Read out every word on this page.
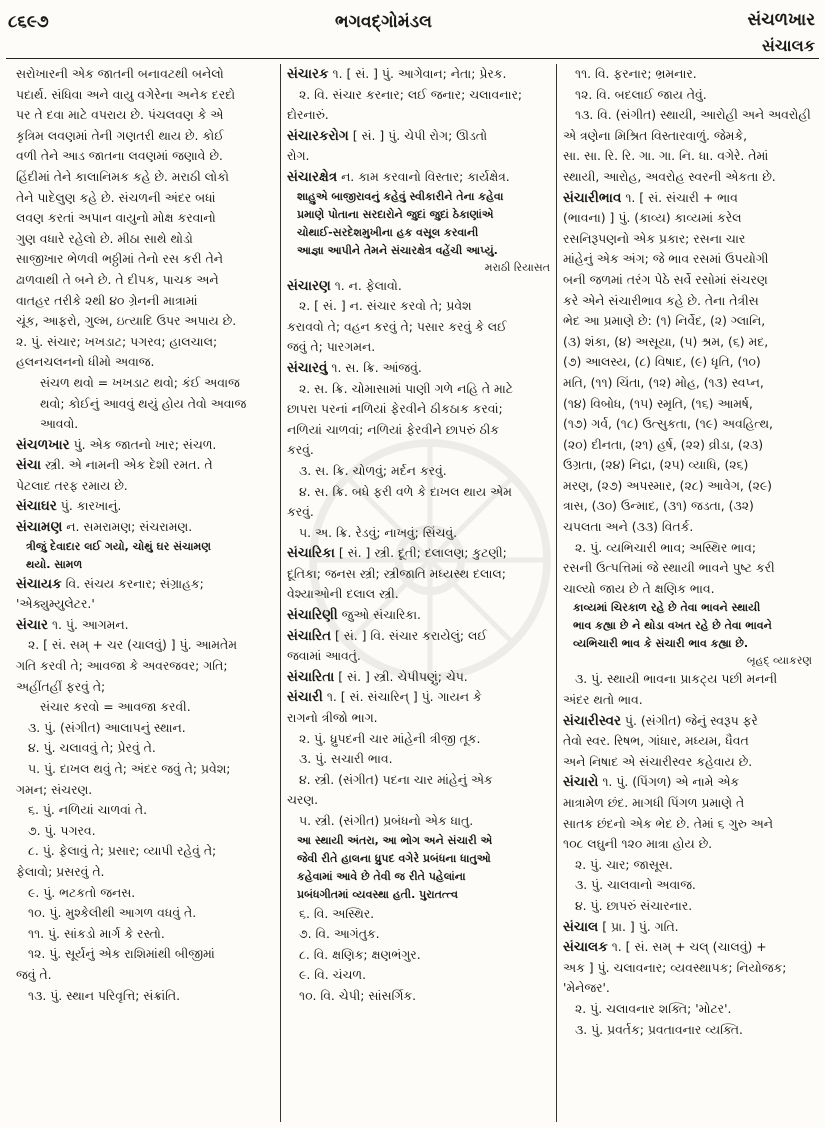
૮૬૯૭	ભગવદ્ગોમંડલ	સંચળખાર
સંચાલક
સરોખારની એક જાતની બનાવટથી બનેલો
પદાર્થ. સંધિવા અને વાયુ વગેરેના અનેક દરદો
પર તે દવા માટે વપરાય છે. પંચલવણ કે એ
કૃત્રિમ લવણમાં તેની ગણતરી થાય છે. કોઈ
વળી તેને આડ જાતના લવણમાં જણાવે છે.
હિંદીમાં તેને કાલાનિમક કહે છે. મરાઠી લોકો
તેને પાદેલુણ કહે છે. સંચળની અંદર બધાં
લવણ કરતાં અપાન વાયુનો મોક્ષ કરવાનો
ગુણ વધારે રહેલો છે. મીઠા સાથે થોડો
સાજીખાર ભેળવી ભઠ્ઠીમાં તેનો રસ કરી તેને
ઢાળવાથી તે બને છે. તે દીપક, પાચક અને
વાતહર તરીકે ૨થી ૪૦ ગ્રેનની માત્રામાં
ચૂંક, આફરો, ગુલ્મ, ઇત્યાદિ ઉપર અપાય છે.
૨. પું. સંચાર; ખખડાટ; પગરવ; હાલચાલ;
હલનચલનનો ધીમો અવાજ.
સંચળ થવો = ખખડાટ થવો; કંઈ અવાજ
થવો; કોઈનું આવવું થયું હોય તેવો અવાજ
આવવો.
સંચળખાર પું. એક જાતનો ખાર; સંચળ.
સંચા સ્ત્રી. એ નામની એક દેશી રમત. તે
પેટલાદ તરફ રમાય છે.
સંચાઘર પું. કારખાનું.
સંચામણ ન. સમરામણ; સંચરામણ.
ત્રીજું દેવાદાર લઈ ગયો, ચોથું ઘર સંચામણ
થયો. સામળ
સંચાયક વિ. સંચય કરનાર; સંગ્રાહક;
'એક્યુમ્યુલેટર.'
સંચાર ૧. પું. આગમન.
૨. [ સં. સમ્ + ચર (ચાલવું) ] પું. આમતેમ
ગતિ કરવી તે; આવજા કે અવરજવર; ગતિ;
અહીંતહીં ફરવું તે;
સંચાર કરવો = આવજા કરવી.
૩. પું. (સંગીત) આલાપનું સ્થાન.
૪. પું. ચલાવવું તે; પ્રેરવું તે.
૫. પું. દાખલ થવું તે; અંદર જવું તે; પ્રવેશ;
ગમન; સંચરણ.
૬. પું. નળિયાં ચાળવાં તે.
૭. પું. પગરવ.
૮. પું. ફેલાવું તે; પ્રસાર; વ્યાપી રહેવું તે;
ફેલાવો; પ્રસરવું તે.
૯. પું. ભટકતો જનસ.
૧૦. પું. મુશ્કેલીથી આગળ વધવું તે.
૧૧. પું. સાંકડો માર્ગ કે રસ્તો.
૧૨. પું. સૂર્યનું એક રાશિમાંથી બીજીમાં
જવું તે.
૧૩. પું. સ્થાન પરિવૃત્તિ; સંક્રાંતિ.
સંચારક ૧. [ સં. ] પું. આગેવાન; નેતા; પ્રેરક.
૨. વિ. સંચાર કરનાર; લઈ જનાર; ચલાવનાર;
દોરનારું.
સંચારકરોગ [ સં. ] પું. ચેપી રોગ; ઊડતો
રોગ.
સંચારક્ષેત્ર ન. કામ કરવાનો વિસ્તાર; કાર્યક્ષેત્ર.
શાહુએ બાજીરાવનું કહેવું સ્વીકારીને તેના કહેવા
પ્રમાણે પોતાના સરદારોને જુદાં જુદાં ઠેકાણાંએ
ચોથાઈ-સરદેશમુખીના હક વસૂલ કરવાની
આજ્ઞા આપીને તેમને સંચારક્ષેત્ર વહેંચી આપ્યું.
મરાઠી રિયાસત
સંચારણ ૧. ન. ફેલાવો.
૨. [ સં. ] ન. સંચાર કરવો તે; પ્રવેશ
કરાવવો તે; વહન કરવું તે; પસાર કરવું કે લઈ
જવું તે; પારગમન.
સંચારવું ૧. સ. ક્રિ. આંજવું.
૨. સ. ક્રિ. ચોમાસામાં પાણી ગળે નહિ તે માટે
છાપરા પરનાં નળિયાં ફેરવીને ઠીકઠાક કરવાં;
નળિયાં ચાળવાં; નળિયાં ફેરવીને છાપરું ઠીક
કરવું.
૩. સ. ક્રિ. ચોળવું; મર્દન કરવું.
૪. સ. ક્રિ. બધે ફરી વળે કે દાખલ થાય એમ
કરવું.
૫. અ. ક્રિ. રેડવું; નાખવું; સિંચવું.
સંચારિકા [ સં. ] સ્ત્રી. દૂતી; દલાલણ; કુટણી;
દૂતિકા; જનસ સ્ત્રી; સ્ત્રીજાતિ મધ્યસ્થ દલાલ;
વેશ્યાઓની દલાલ સ્ત્રી.
સંચારિણી જુઓ સંચારિકા.
સંચારિત [ સં. ] વિ. સંચાર કરાયેલું; લઈ
જવામાં આવતું.
સંચારિતા [ સં. ] સ્ત્રી. ચેપીપણું; ચેપ.
સંચારી ૧. [ સં. સંચારિન્ ] પું. ગાયન કે
રાગનો ત્રીજો ભાગ.
૨. પું. ધ્રુપદની ચાર માંહેની ત્રીજી તૂક.
૩. પું. સચારી ભાવ.
૪. સ્ત્રી. (સંગીત) પદના ચાર માંહેનું એક
ચરણ.
૫. સ્ત્રી. (સંગીત) પ્રબંધનો એક ધાતુ.
આ સ્થાયી અંતરા, આ ભોગ અને સંચારી એ
જેવી રીતે હાલના ધ્રુપદ વગેરે પ્રબંધના ધાતુઓ
કહેવામાં આવે છે તેવી જ રીતે પહેલાંના
પ્રબંધગીતમાં વ્યવસ્થા હતી. પુરાતત્ત્વ
૬. વિ. અસ્થિર.
૭. વિ. આગંતુક.
૮. વિ. ક્ષણિક; ક્ષણભંગુર.
૯. વિ. ચંચળ.
૧૦. વિ. ચેપી; સાંસર્ગિક.
૧૧. વિ. ફરનાર; ભ્રમનાર.
૧૨. વિ. બદલાઈ જાય તેવું.
૧૩. વિ. (સંગીત) સ્થાયી, આરોહી અને અવરોહી
એ ત્રણેના મિશ્રિત વિસ્તારવાળું. જેમકે,
સા. સા. રિ. રિ. ગા. ગા. નિ. ધા. વગેરે. તેમાં
સ્થાયી, આરોહ, અવરોહ સ્વરની એકતા છે.
સંચારીભાવ ૧. [ સં. સંચારી + ભાવ
(ભાવના) ] પું. (કાવ્ય) કાવ્યમાં કરેલ
રસનિરૂપણનો એક પ્રકાર; રસના ચાર
માંહેનું એક અંગ; જે ભાવ રસમાં ઉપયોગી
બની જળમાં તરંગ પેઠે સર્વે રસોમાં સંચરણ
કરે એને સંચારીભાવ કહે છે. તેના તેત્રીસ
ભેદ આ પ્રમાણે છે: (૧) નિર્વેદ, (૨) ગ્લાનિ,
(૩) શંકા, (૪) અસૂયા, (૫) શ્રમ, (૬) મદ,
(૭) આલસ્ય, (૮) વિષાદ, (૯) ધૃતિ, (૧૦)
મતિ, (૧૧) ચિંતા, (૧૨) મોહ, (૧૩) સ્વપ્ન,
(૧૪) વિબોધ, (૧૫) સ્મૃતિ, (૧૬) આમર્ષ,
(૧૭) ગર્વ, (૧૮) ઉત્સુકતા, (૧૯) અવહિત્થ,
(૨૦) દીનતા, (૨૧) હર્ષ, (૨૨) વ્રીડા, (૨૩)
ઉગ્રતા, (૨૪) નિદ્રા, (૨૫) વ્યાધિ, (૨૬)
મરણ, (૨૭) અપસ્માર, (૨૮) આવેગ, (૨૯)
ત્રાસ, (૩૦) ઉન્માદ, (૩૧) જડતા, (૩૨)
ચપલતા અને (૩૩) વિતર્ક.
૨. પું. વ્યભિચારી ભાવ; અસ્થિર ભાવ;
રસની ઉત્પત્તિમાં જે સ્થાયી ભાવને પુષ્ટ કરી
ચાલ્યો જાય છે તે ક્ષણિક ભાવ.
કાવ્યમાં ચિરકાળ રહે છે તેવા ભાવને સ્થાયી
ભાવ કહ્યા છે ને થોડા વખત રહે છે તેવા ભાવને
વ્યભિચારી ભાવ કે સંચારી ભાવ કહ્યા છે.
બૃહદ્ વ્યાકરણ
૩. પું. સ્થાયી ભાવના પ્રાકટ્ય પછી મનની
અંદર થતો ભાવ.
સંચારીસ્વર પું. (સંગીત) જેનું સ્વરૂપ ફરે
તેવો સ્વર. રિષભ, ગાંધાર, મધ્યમ, ધૈવત
અને નિષાદ એ સંચારીસ્વર કહેવાય છે.
સંચારો ૧. પું. (પિંગળ) એ નામે એક
માત્રામેળ છંદ. માગધી પિંગળ પ્રમાણે તે
સાતક છંદનો એક ભેદ છે. તેમાં ૬ ગુરુ અને
૧૦૮ લઘુની ૧૨૦ માત્રા હોય છે.
૨. પું. ચાર; જાસૂસ.
૩. પું. ચાલવાનો અવાજ.
૪. પું. છાપરું સંચારનાર.
સંચાલ [ પ્રા. ] પું. ગતિ.
સંચાલક ૧. [ સં. સમ્ + ચલ્ (ચાલવું) +
અક ] પું. ચલાવનાર; વ્યવસ્થાપક; નિયોજક;
'મેનેજર'.
૨. પું. ચલાવનાર શક્તિ; 'મોટર'.
૩. પું. પ્રવર્તક; પ્રવતાવનાર વ્યક્તિ.
